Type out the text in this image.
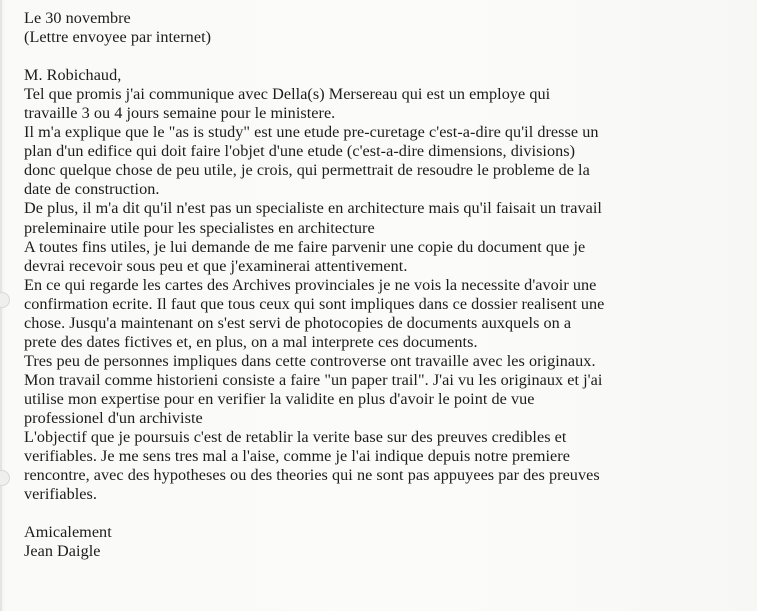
Le 30 novembre
(Lettre envoyee par internet)
M. Robichaud,
Tel que promis j'ai communique avec Della(s) Mersereau qui est un employe qui
travaille 3 ou 4 jours semaine pour le ministere.
Il m'a explique que le "as is study" est une etude pre-curetage c'est-a-dire qu'il dresse un
plan d'un edifice qui doit faire l'objet d'une etude (c'est-a-dire dimensions, divisions)
donc quelque chose de peu utile, je crois, qui permettrait de resoudre le probleme de la
date de construction.
De plus, il m'a dit qu'il n'est pas un specialiste en architecture mais qu'il faisait un travail
preleminaire utile pour les specialistes en architecture
A toutes fins utiles, je lui demande de me faire parvenir une copie du document que je
devrai recevoir sous peu et que j'examinerai attentivement.
En ce qui regarde les cartes des Archives provinciales je ne vois la necessite d'avoir une
confirmation ecrite. Il faut que tous ceux qui sont impliques dans ce dossier realisent une
chose. Jusqu'a maintenant on s'est servi de photocopies de documents auxquels on a
prete des dates fictives et, en plus, on a mal interprete ces documents.
Tres peu de personnes impliques dans cette controverse ont travaille avec les originaux.
Mon travail comme historieni consiste a faire "un paper trail". J'ai vu les originaux et j'ai
utilise mon expertise pour en verifier la validite en plus d'avoir le point de vue
professionel d'un archiviste
L'objectif que je poursuis c'est de retablir la verite base sur des preuves credibles et
verifiables. Je me sens tres mal a l'aise, comme je l'ai indique depuis notre premiere
rencontre, avec des hypotheses ou des theories qui ne sont pas appuyees par des preuves
verifiables.
Amicalement
Jean Daigle
